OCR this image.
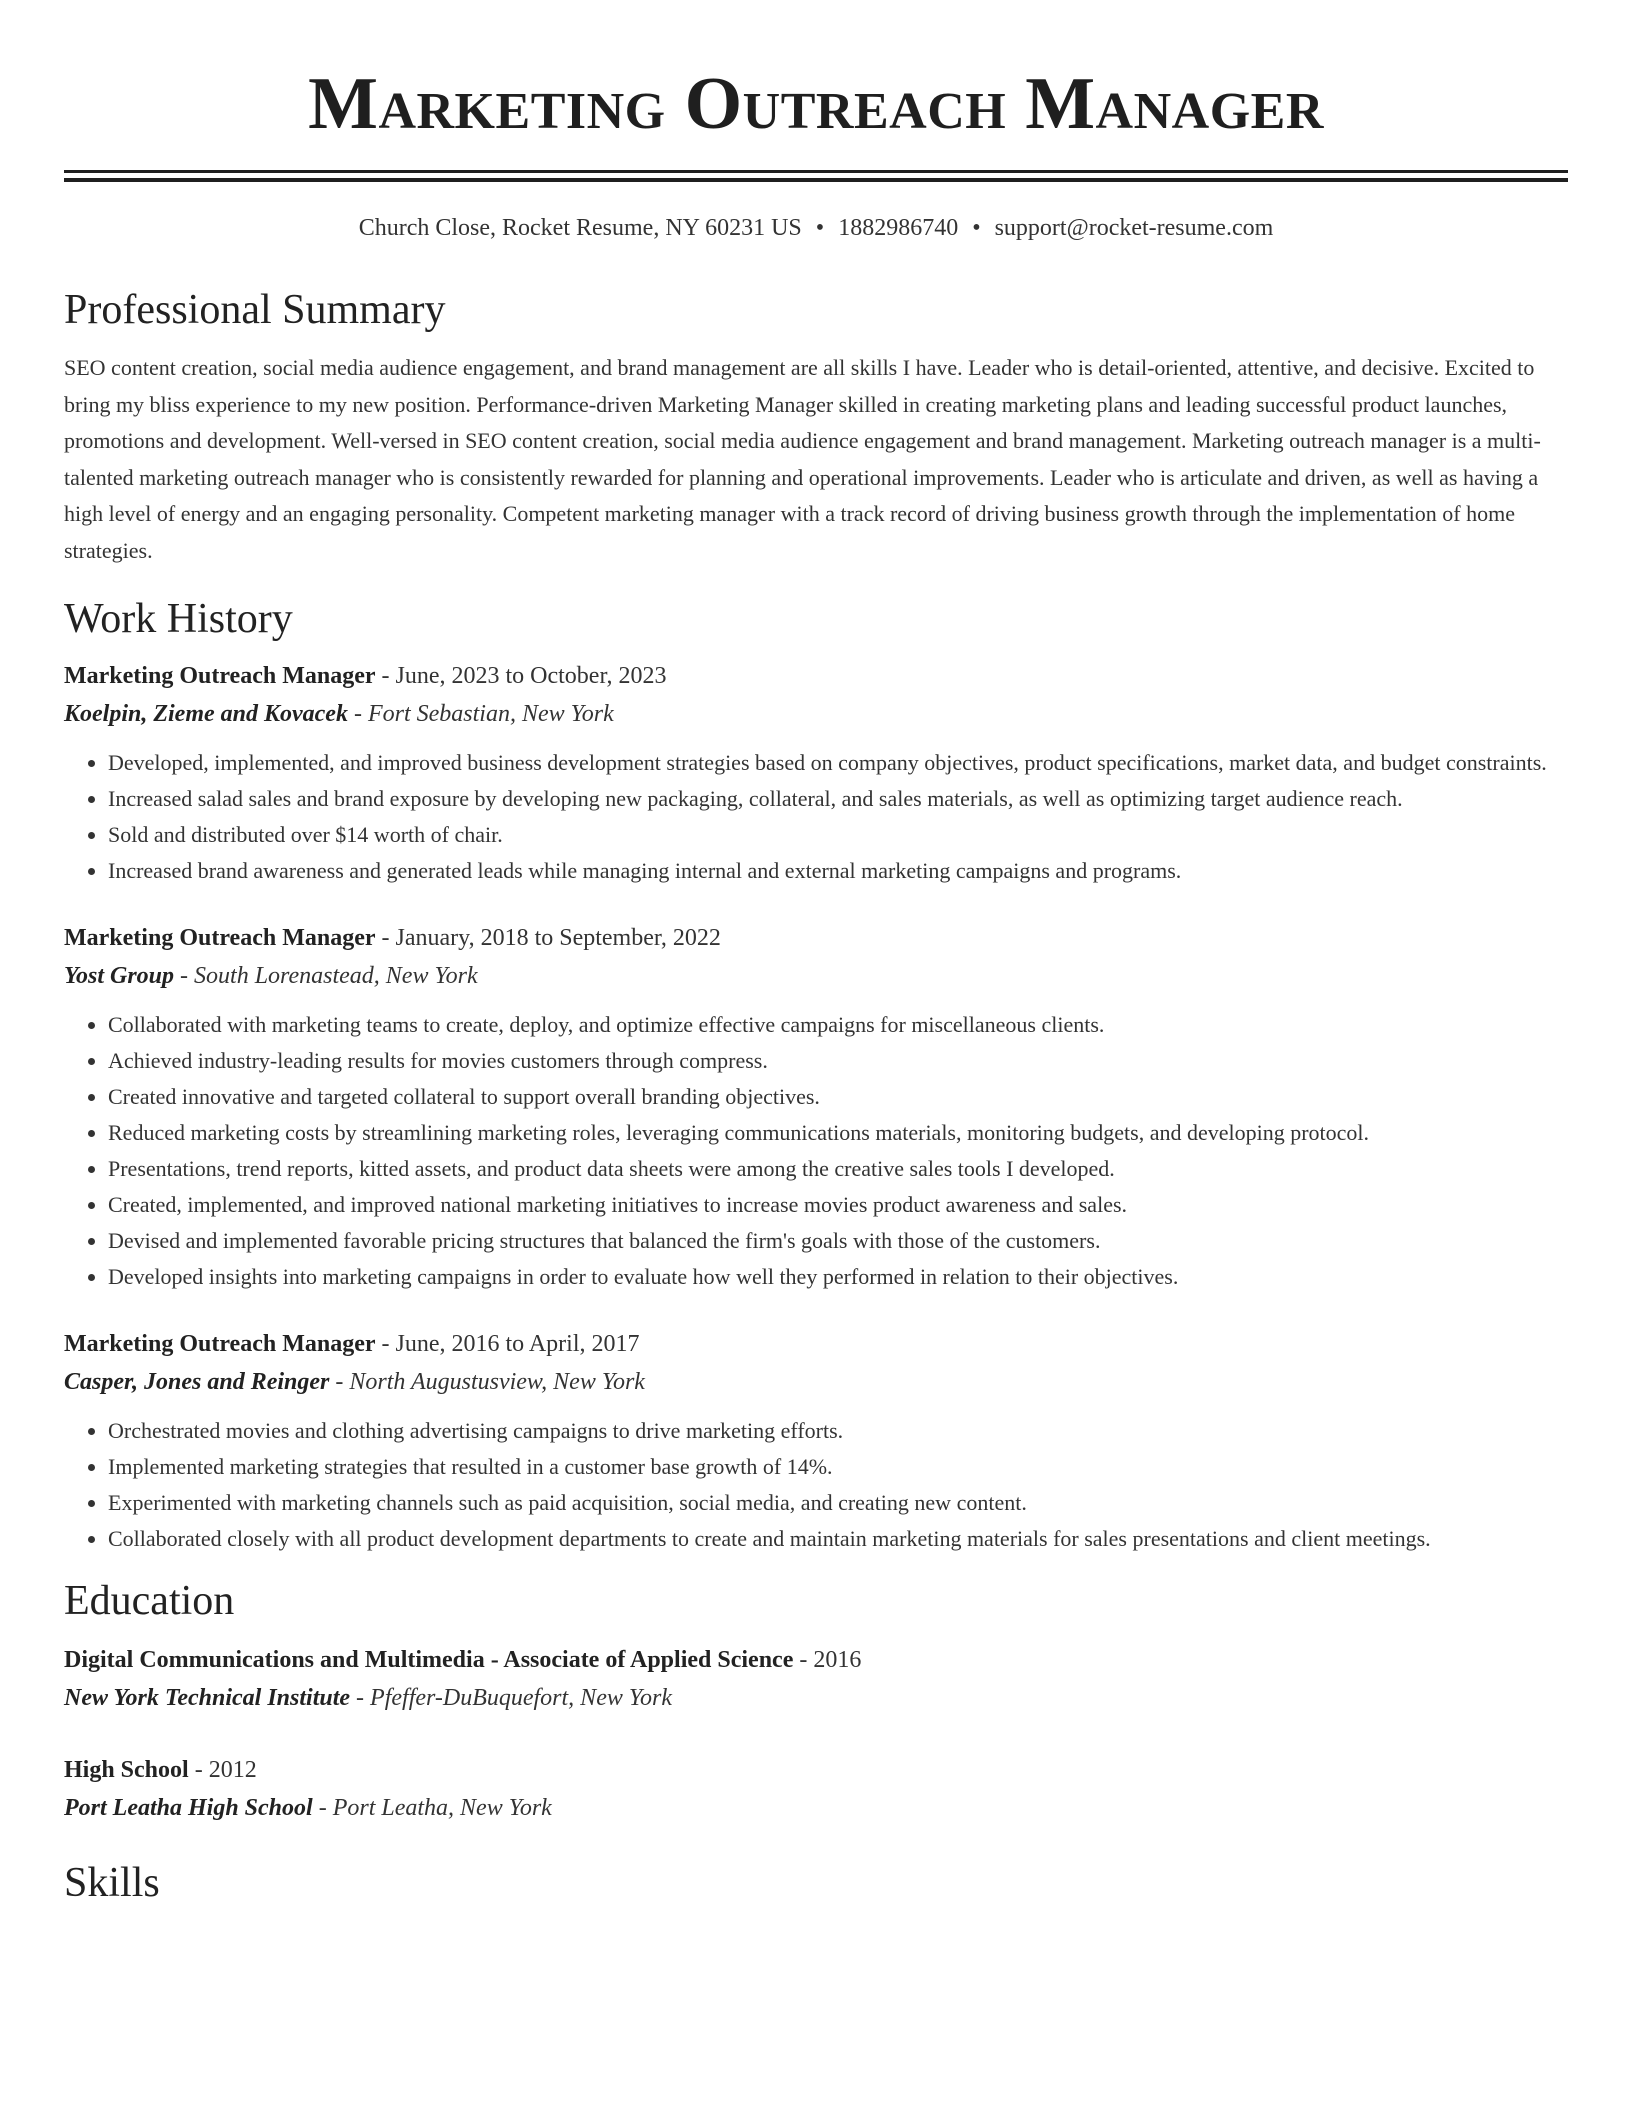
Marketing Outreach Manager
Church Close, Rocket Resume, NY 60231 US • 1882986740 • support@rocket-resume.com
Professional Summary

SEO content creation, social media audience engagement, and brand management are all skills I have. Leader who is detail-oriented, attentive, and decisive. Excited to bring my bliss experience to my new position. Performance-driven Marketing Manager skilled in creating marketing plans and leading successful product launches, promotions and development. Well-versed in SEO content creation, social media audience engagement and brand management. Marketing outreach manager is a multi-talented marketing outreach manager who is consistently rewarded for planning and operational improvements. Leader who is articulate and driven, as well as having a high level of energy and an engaging personality. Competent marketing manager with a track record of driving business growth through the implementation of home strategies.

Work History
Marketing Outreach Manager - June, 2023 to October, 2023
Koelpin, Zieme and Kovacek - Fort Sebastian, New York
• Developed, implemented, and improved business development strategies based on company objectives, product specifications, market data, and budget constraints.
• Increased salad sales and brand exposure by developing new packaging, collateral, and sales materials, as well as optimizing target audience reach.
• Sold and distributed over $14 worth of chair.
• Increased brand awareness and generated leads while managing internal and external marketing campaigns and programs.
Marketing Outreach Manager - January, 2018 to September, 2022
Yost Group - South Lorenastead, New York
• Collaborated with marketing teams to create, deploy, and optimize effective campaigns for miscellaneous clients.
• Achieved industry-leading results for movies customers through compress.
• Created innovative and targeted collateral to support overall branding objectives.
• Reduced marketing costs by streamlining marketing roles, leveraging communications materials, monitoring budgets, and developing protocol.
• Presentations, trend reports, kitted assets, and product data sheets were among the creative sales tools I developed.
• Created, implemented, and improved national marketing initiatives to increase movies product awareness and sales.
• Devised and implemented favorable pricing structures that balanced the firm's goals with those of the customers.
• Developed insights into marketing campaigns in order to evaluate how well they performed in relation to their objectives.
Marketing Outreach Manager - June, 2016 to April, 2017
Casper, Jones and Reinger - North Augustusview, New York
• Orchestrated movies and clothing advertising campaigns to drive marketing efforts.
• Implemented marketing strategies that resulted in a customer base growth of 14%.
• Experimented with marketing channels such as paid acquisition, social media, and creating new content.
• Collaborated closely with all product development departments to create and maintain marketing materials for sales presentations and client meetings.
Education
Digital Communications and Multimedia - Associate of Applied Science - 2016
New York Technical Institute - Pfeffer-DuBuquefort, New York
High School - 2012
Port Leatha High School - Port Leatha, New York
Skills
